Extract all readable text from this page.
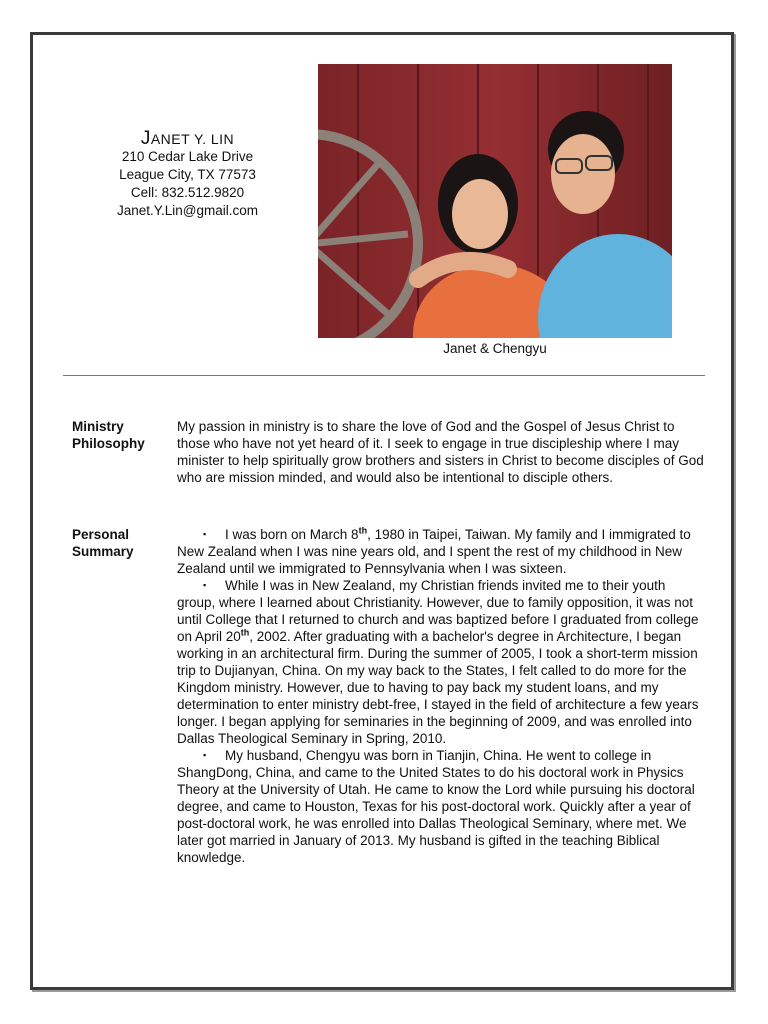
JANET Y. LIN
210 Cedar Lake Drive
League City, TX 77573
Cell: 832.512.9820
Janet.Y.Lin@gmail.com
Janet & Chengyu
Ministry
Philosophy

My passion in ministry is to share the love of God and the Gospel of Jesus Christ to those who have not yet heard of it. I seek to engage in true discipleship where I may minister to help spiritually grow brothers and sisters in Christ to become disciples of God who are mission minded, and would also be intentional to disciple others.

Personal
Summary

▪ I was born on March 8th, 1980 in Taipei, Taiwan. My family and I immigrated to New Zealand when I was nine years old, and I spent the rest of my childhood in New Zealand until we immigrated to Pennsylvania when I was sixteen.

▪ While I was in New Zealand, my Christian friends invited me to their youth group, where I learned about Christianity. However, due to family opposition, it was not until College that I returned to church and was baptized before I graduated from college on April 20th, 2002. After graduating with a bachelor's degree in Architecture, I began working in an architectural firm. During the summer of 2005, I took a short-term mission trip to Dujianyan, China. On my way back to the States, I felt called to do more for the Kingdom ministry. However, due to having to pay back my student loans, and my determination to enter ministry debt-free, I stayed in the field of architecture a few years longer. I began applying for seminaries in the beginning of 2009, and was enrolled into Dallas Theological Seminary in Spring, 2010.

▪ My husband, Chengyu was born in Tianjin, China. He went to college in ShangDong, China, and came to the United States to do his doctoral work in Physics Theory at the University of Utah. He came to know the Lord while pursuing his doctoral degree, and came to Houston, Texas for his post-doctoral work. Quickly after a year of post-doctoral work, he was enrolled into Dallas Theological Seminary, where met. We later got married in January of 2013. My husband is gifted in the teaching Biblical knowledge.
